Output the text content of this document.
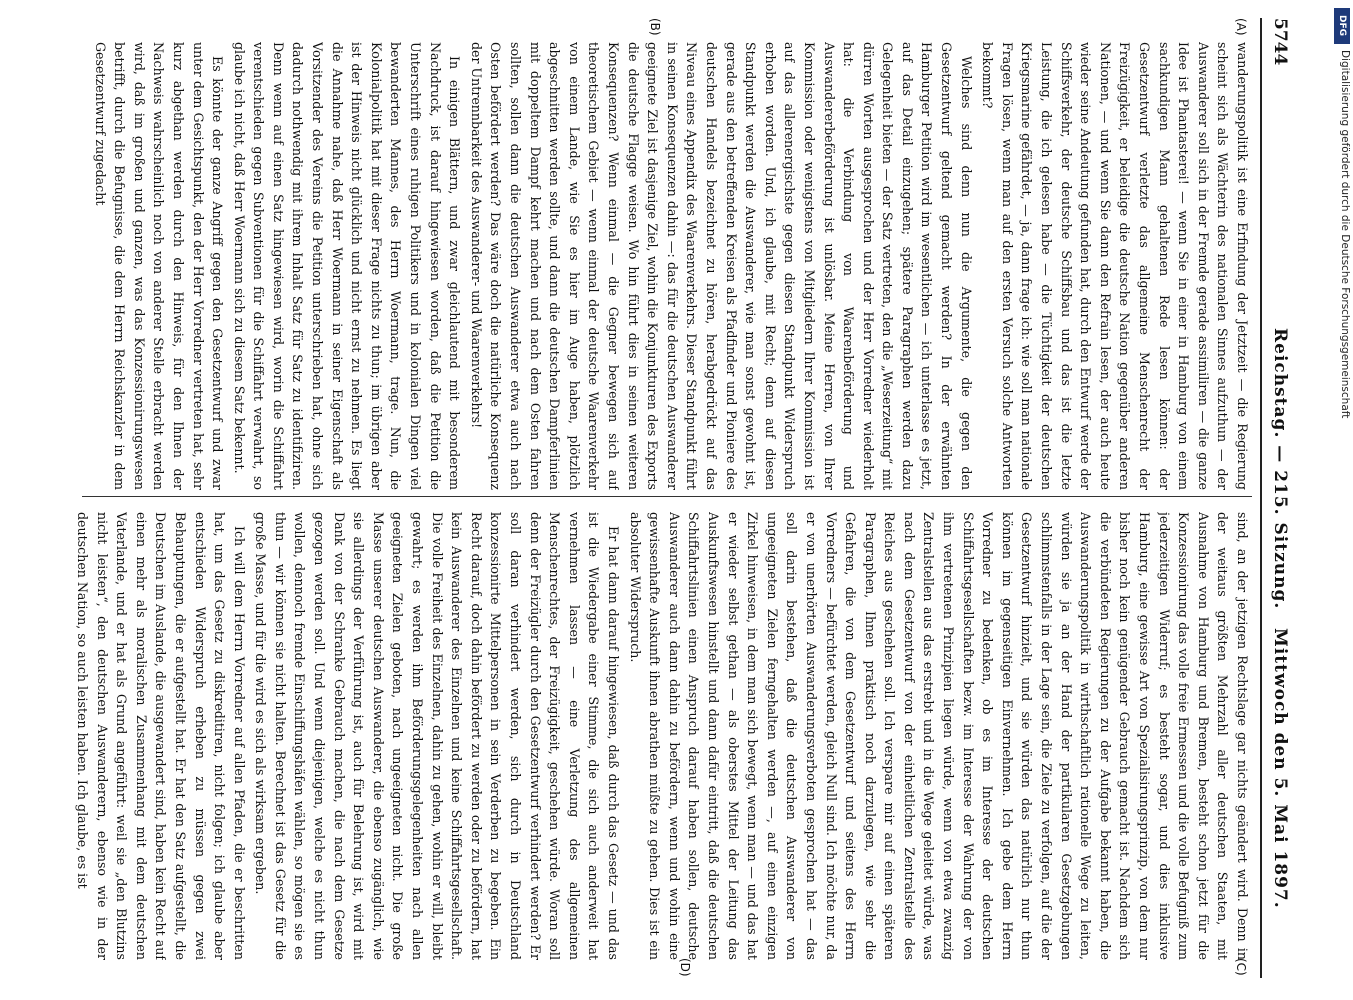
5744
Reichstag. — 215. Sitzung.
Mittwoch den 5. Mai 1897.
(A)
(B)
(C)
(D)

wanderungspolitik ist eine Erfindung der Jetztzeit — die Regierung scheint sich als Wächterin des nationalen Sinnes aufzuthun — der Auswanderer soll sich in der Fremde gerade assimiliren — die ganze Idee ist Phantasterei! — wenn Sie in einer in Hamburg von einem sachkundigen Mann gehaltenen Rede lesen können: der Gesetzentwurf verletzte das allgemeine Menschenrecht der Freizügigkeit, er beleidige die deutsche Nation gegenüber anderen Nationen, — und wenn Sie dann den Refrain lesen, der auch heute wieder seine Andeutung gefunden hat, durch den Entwurf werde der Schiffsverkehr, der deutsche Schiffsbau und das ist die letzte Leistung, die ich gelesen habe — die Tüchtigkeit der deutschen Kriegsmarine gefährdet, — ja, dann frage ich: wie soll man nationale Fragen lösen, wenn man auf den ersten Versuch solche Antworten bekommt?

Welches sind denn nun die Argumente, die gegen den Gesetzentwurf geltend gemacht werden? In der erwähnten Hamburger Petition wird im wesentlichen — ich unterlasse es jetzt, auf das Detail einzugehen; spätere Paragraphen werden dazu Gelegenheit bieten — der Satz vertreten, den die „Weserzeitung“ mit dürren Worten ausgesprochen und der Herr Vorredner wiederholt hat: die Verbindung von Waarenbeförderung und Auswandererbeförderung ist unlösbar. Meine Herren, von Ihrer Kommission oder wenigstens von Mitgliedern Ihrer Kommission ist auf das allerenergischste gegen diesen Standpunkt Widerspruch erhoben worden. Und, ich glaube, mit Recht; denn auf diesen Standpunkt werden die Auswanderer, wie man sonst gewohnt ist, gerade aus den betreffenden Kreisen als Pfadfinder und Pioniere des deutschen Handels bezeichnet zu hören, herabgedrückt auf das Niveau eines Appendix des Waarenverkehrs. Dieser Standpunkt führt in seinen Konsequenzen dahin —: das für die deutschen Auswanderer geeignete Ziel ist dasjenige Ziel, wohin die Konjunkturen des Exports die deutsche Flagge weisen. Wo hin führt dies in seinen weiteren Konsequenzen? Wenn einmal — die Gegner bewegen sich auf theoretischem Gebiet — wenn einmal der deutsche Waarenverkehr von einem Lande, wie Sie es hier im Auge haben, plötzlich abgeschnitten werden sollte, und dann die deutschen Dampferlinien mit doppeltem Dampf kehrt machen und nach dem Osten fahren sollten, sollen dann die deutschen Auswanderer etwa auch nach Osten befördert werden? Das wäre doch die natürliche Konsequenz der Untrennbarkeit des Auswanderer- und Waarenverkehrs!

In einigen Blättern, und zwar gleichlautend mit besonderem Nachdruck, ist darauf hingewiesen worden, daß die Petition die Unterschrift eines ruhigen Politikers und in kolonialen Dingen viel bewanderten Mannes, des Herrn Woermann, trage. Nun, die Kolonialpolitik hat mit dieser Frage nichts zu thun; im übrigen aber ist der Hinweis nicht glücklich und nicht ernst zu nehmen. Es liegt die Annahme nahe, daß Herr Woermann in seiner Eigenschaft als Vorsitzender des Vereins die Petition unterschrieben hat, ohne sich dadurch nothwendig mit ihrem Inhalt Satz für Satz zu identifiziren. Denn wenn auf einen Satz hingewiesen wird, worin die Schiffahrt verentschieden gegen Subventionen für die Schiffahrt verwahrt, so glaube ich nicht, daß Herr Woermann sich zu diesem Satz bekennt.

Es könnte der ganze Angriff gegen den Gesetzentwurf und zwar unter dem Gesichtspunkt, den der Herr Vorredner vertreten hat, sehr kurz abgethan werden durch den Hinweis, für den Ihnen der Nachweis wahrscheinlich noch von anderer Stelle erbracht werden wird, daß im großen und ganzen, was das Konzessionirungswesen betrifft, durch die Befugnisse, die dem Herrn Reichskanzler in dem Gesetzentwurf zugedacht

sind, an der jetzigen Rechtslage gar nichts geändert wird. Denn in der weitaus größten Mehrzahl aller deutschen Staaten, mit Ausnahme von Hamburg und Bremen, besteht schon jetzt für die Konzessionirung das volle freie Ermessen und die volle Befugniß zum jederzeitigen Widerruf; es besteht sogar, und dies inklusive Hamburg, eine gewisse Art von Spezialisirungsprinzip, von dem nur bisher noch kein genügender Gebrauch gemacht ist. Nachdem sich die verbündeten Regierungen zu der Aufgabe bekannt haben, die Auswanderungspolitik in wirthschaftlich rationelle Wege zu leiten, würden sie ja an der Hand der partikularen Gesetzgebungen schlimmstenfalls in der Lage sein, die Ziele zu verfolgen, auf die der Gesetzentwurf hinzielt, und sie würden das natürlich nur thun können im gegenseitigen Einvernehmen. Ich gebe dem Herrn Vorredner zu bedenken, ob es im Interesse der deutschen Schiffahrtsgesellschaften bezw. im Interesse der Wahrung der von ihm vertretenen Prinzipien liegen würde, wenn von etwa zwanzig Zentralstellen aus das erstrebt und in die Wege geleitet würde, was nach dem Gesetzentwurf von der einheitlichen Zentralstelle des Reiches aus geschehen soll. Ich verspare mir auf einen späteren Paragraphen, Ihnen praktisch noch darzulegen, wie sehr die Gefahren, die von dem Gesetzentwurf und seitens des Herrn Vorredners — befürchtet werden, gleich Null sind. Ich möchte nur, da er von unerhörten Auswanderungsverboten gesprochen hat — das soll darin bestehen, daß die deutschen Auswanderer von ungeeigneten Zielen ferngehalten werden —, auf einen einzigen Zirkel hinweisen, in dem man sich bewegt, wenn man — und das hat er wieder selbst gethan — als oberstes Mittel der Leitung das Auskunftswesen hinstellt und dann dafür eintritt, daß die deutschen Schiffahrtslinien einen Anspruch darauf haben sollen, deutsche Auswanderer auch dann dahin zu befördern, wenn und wohin eine gewissenhafte Auskunft ihnen abrathen müßte zu gehen. Dies ist ein absoluter Widerspruch.

Er hat dann darauf hingewiesen, daß durch das Gesetz — und das ist die Wiedergabe einer Stimme, die sich auch anderweit hat vernehmen lassen — eine Verletzung des allgemeinen Menschenrechtes, der Freizügigkeit, geschehen würde. Woran soll denn der Freizügler durch den Gesetzentwurf verhindert werden? Er soll daran verhindert werden, sich durch in Deutschland konzessionirte Mittelpersonen in sein Verderben zu begeben. Ein Recht darauf, doch dahin befördert zu werden oder zu befördern, hat kein Auswanderer des Einzelnen und keine Schiffahrtsgesellschaft. Die volle Freiheit des Einzelnen, dahin zu gehen, wohin er will, bleibt gewahrt; es werden ihm Beförderungsgelegenheiten nach allen geeigneten Zielen geboten, nach ungeeigneten nicht. Die große Masse unserer deutschen Auswanderer, die ebenso zugänglich, wie sie allerdings der Verführung ist, auch für Belehrung ist, wird mit Dank von der Schranke Gebrauch machen, die nach dem Gesetze gezogen werden soll. Und wenn diejenigen, welche es nicht thun wollen, dennoch fremde Einschiffungshäfen wählen, so mögen sie es thun — wir können sie nicht halten. Berechnet ist das Gesetz für die große Masse, und für die wird es sich als wirksam ergeben.

Ich will dem Herrn Vorredner auf allen Pfaden, die er beschritten hat, um das Gesetz zu diskreditiren, nicht folgen; ich glaube aber entschieden Widerspruch erheben zu müssen gegen zwei Behauptungen, die er aufgestellt hat. Er hat den Satz aufgestellt, die Deutschen im Auslande, die ausgewandert sind, haben kein Recht auf einen mehr als moralischen Zusammenhang mit dem deutschen Vaterlande, und er hat als Grund angeführt: weil sie „den Blutzins nicht leisten“, den deutschen Auswanderern, ebenso wie in der deutschen Nation, so auch leisten haben. Ich glaube, es ist

DFG
Digitalisierung gefördert durch die Deutsche Forschungsgemeinschaft
